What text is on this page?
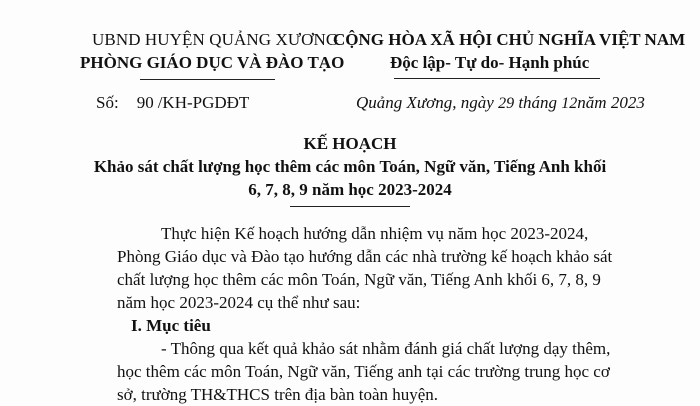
UBND HUYỆN QUẢNG XƯƠNG
PHÒNG GIÁO DỤC VÀ ĐÀO TẠO
CỘNG HÒA XÃ HỘI CHỦ NGHĨA VIỆT NAM
Độc lập- Tự do- Hạnh phúc
Số: 90 /KH-PGDĐT	Quảng Xương, ngày 29 tháng 12năm 2023
KẾ HOẠCH
Khảo sát chất lượng học thêm các môn Toán, Ngữ văn, Tiếng Anh khối
6, 7, 8, 9 năm học 2023-2024
Thực hiện Kế hoạch hướng dẫn nhiệm vụ năm học 2023-2024,
Phòng Giáo dục và Đào tạo hướng dẫn các nhà trường kế hoạch khảo sát
chất lượng học thêm các môn Toán, Ngữ văn, Tiếng Anh khối 6, 7, 8, 9
năm học 2023-2024 cụ thể như sau:
I. Mục tiêu
- Thông qua kết quả khảo sát nhằm đánh giá chất lượng dạy thêm,
học thêm các môn Toán, Ngữ văn, Tiếng anh tại các trường trung học cơ
sở, trường TH&THCS trên địa bàn toàn huyện.
